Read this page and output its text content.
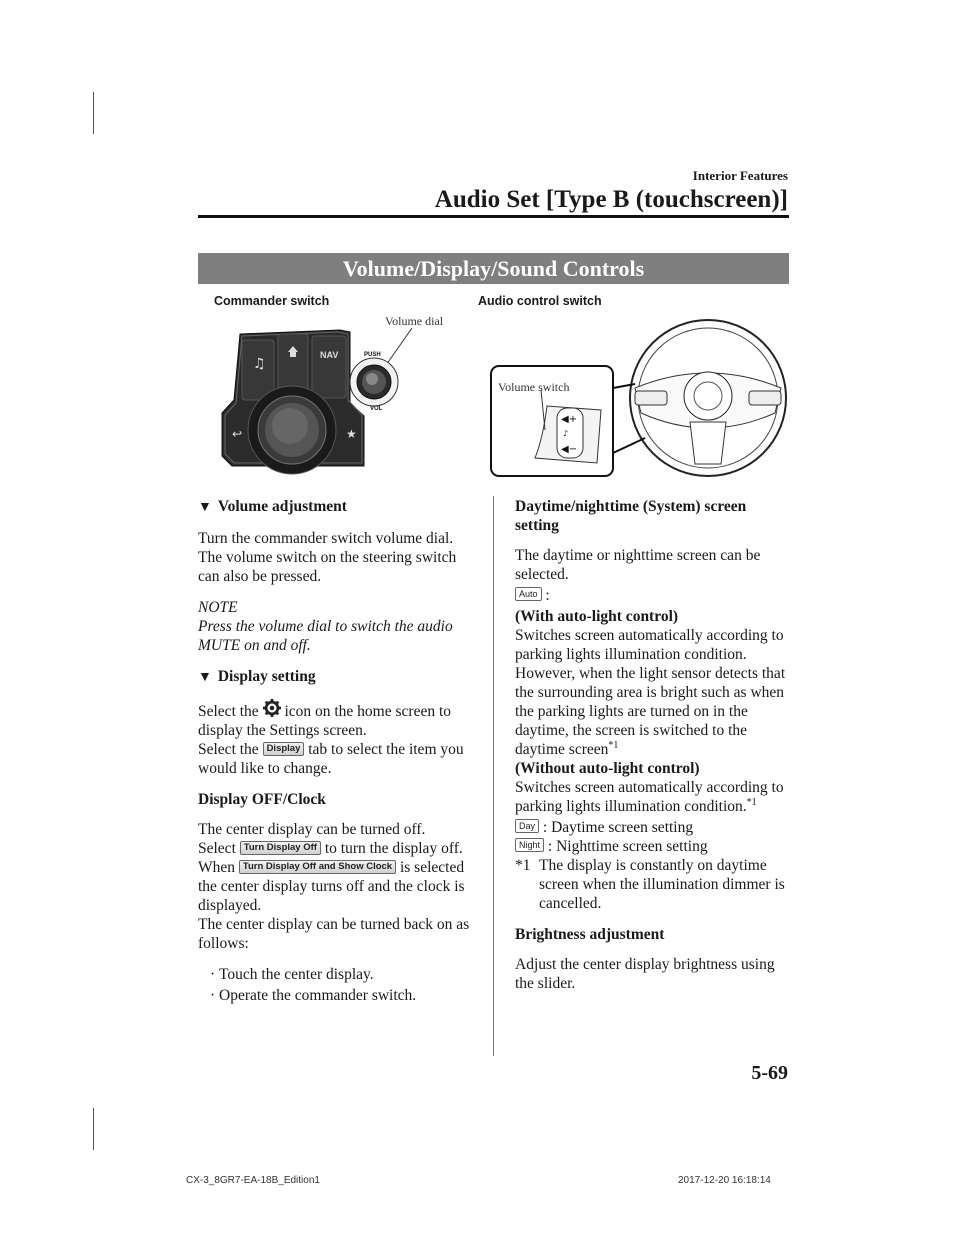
Interior Features
Audio Set [Type B (touchscreen)]
Volume/Display/Sound Controls
Commander switch
Volume dial
♫
NAV
↩	★
PUSH
VOL
Audio control switch
◀+
♪
◀−
Volume switch

▼ Volume adjustment

Turn the commander switch volume dial. The volume switch on the steering switch can also be pressed.

NOTE

Press the volume dial to switch the audio MUTE on and off.

▼ Display setting

Select the icon on the home screen to display the Settings screen.

Select the Display tab to select the item you would like to change.

Display OFF/Clock

The center display can be turned off.

Select Turn Display Off to turn the display off.

When Turn Display Off and Show Clock is selected the center display turns off and the clock is displayed.

The center display can be turned back on as follows:

· Touch the center display.

· Operate the commander switch.

Daytime/nighttime (System) screen setting

The daytime or nighttime screen can be selected.

Auto :

(With auto-light control)

Switches screen automatically according to parking lights illumination condition. However, when the light sensor detects that the surrounding area is bright such as when the parking lights are turned on in the daytime, the screen is switched to the daytime screen$^{*1}$

(Without auto-light control)

Switches screen automatically according to parking lights illumination condition.$^{*1}$

Day : Daytime screen setting

Night : Nighttime screen setting

*1 The display is constantly on daytime screen when the illumination dimmer is cancelled.

Brightness adjustment

Adjust the center display brightness using the slider.

5-69
CX-3_8GR7-EA-18B_Edition1	2017-12-20 16:18:14
